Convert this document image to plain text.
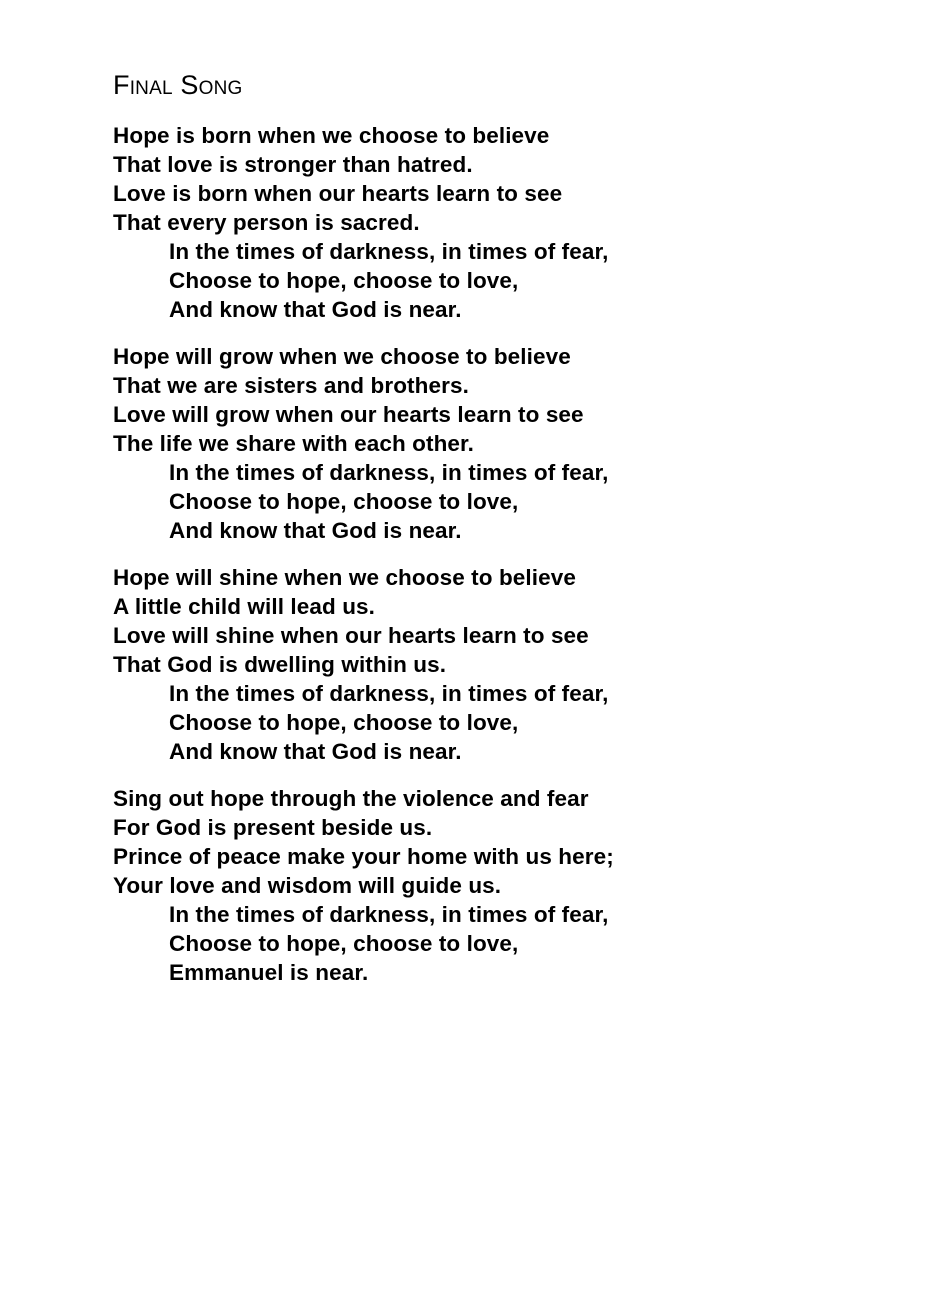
Final Song
Hope is born when we choose to believe
That love is stronger than hatred.
Love is born when our hearts learn to see
That every person is sacred.
In the times of darkness, in times of fear,
Choose to hope, choose to love,
And know that God is near.
Hope will grow when we choose to believe
That we are sisters and brothers.
Love will grow when our hearts learn to see
The life we share with each other.
In the times of darkness, in times of fear,
Choose to hope, choose to love,
And know that God is near.
Hope will shine when we choose to believe
A little child will lead us.
Love will shine when our hearts learn to see
That God is dwelling within us.
In the times of darkness, in times of fear,
Choose to hope, choose to love,
And know that God is near.
Sing out hope through the violence and fear
For God is present beside us.
Prince of peace make your home with us here;
Your love and wisdom will guide us.
In the times of darkness, in times of fear,
Choose to hope, choose to love,
Emmanuel is near.
